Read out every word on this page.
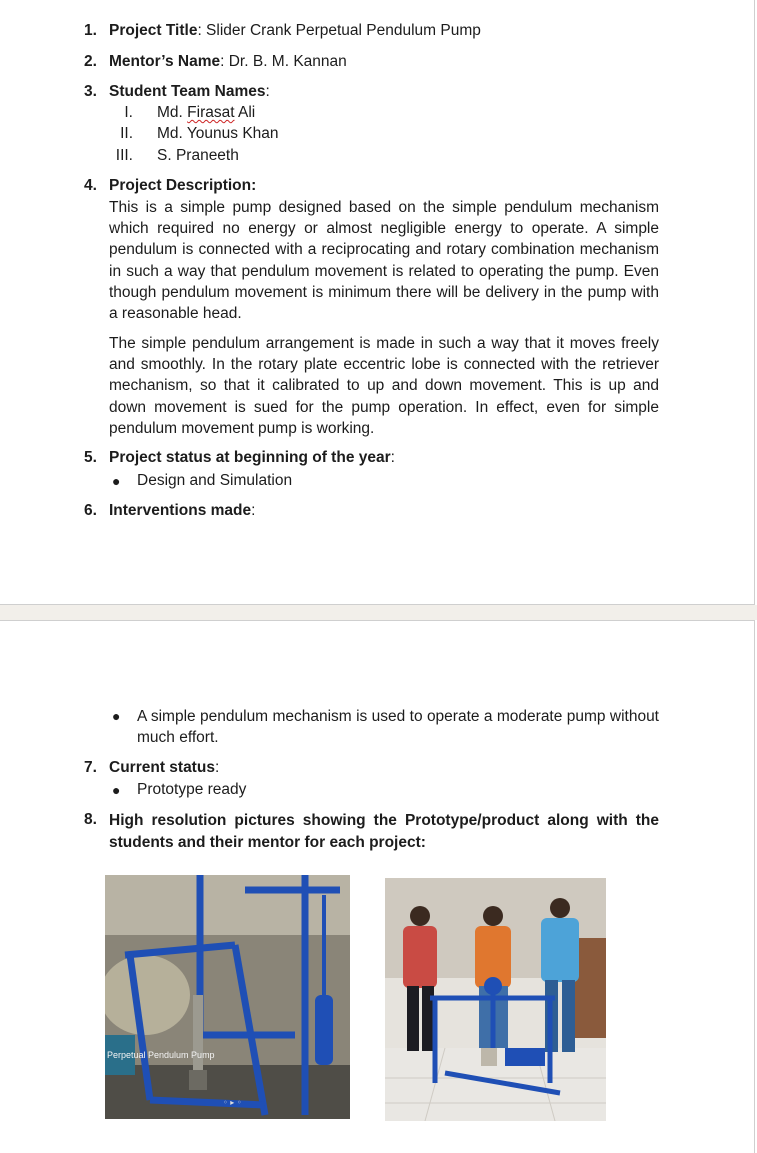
1. Project Title: Slider Crank Perpetual Pendulum Pump
2. Mentor’s Name: Dr. B. M. Kannan
3. Student Team Names:
I. Md. Firasat Ali
II. Md. Younus Khan
III. S. Praneeth
4. Project Description:
This is a simple pump designed based on the simple pendulum mechanism which required no energy or almost negligible energy to operate. A simple pendulum is connected with a reciprocating and rotary combination mechanism in such a way that pendulum movement is related to operating the pump. Even though pendulum movement is minimum there will be delivery in the pump with a reasonable head.
The simple pendulum arrangement is made in such a way that it moves freely and smoothly. In the rotary plate eccentric lobe is connected with the retriever mechanism, so that it calibrated to up and down movement. This is up and down movement is sued for the pump operation. In effect, even for simple pendulum movement pump is working.
5. Project status at beginning of the year:
● Design and Simulation
6. Interventions made:
● A simple pendulum mechanism is used to operate a moderate pump without much effort.
7. Current status:
● Prototype ready
8. High resolution pictures showing the Prototype/product along with the students and their mentor for each project:
◦ ▸ ◦
Perpetual Pendulum Pump
